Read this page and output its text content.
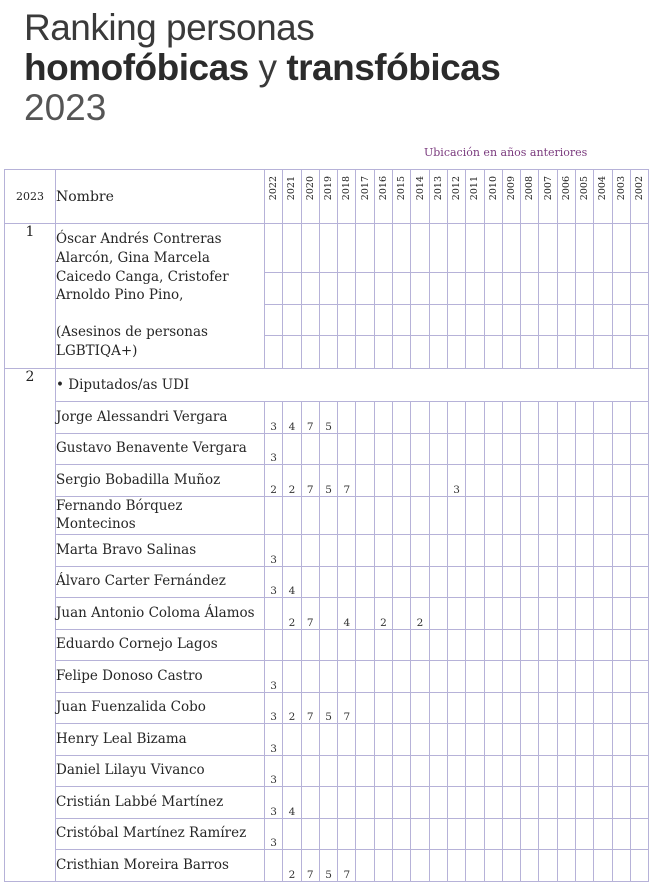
Ranking personas
homofóbicas y transfóbicas
2023
Ubicación en años anteriores
2023	Nombre	2022	2021	2020	2019	2018	2017	2016	2015	2014	2013	2012	2011	2010	2009	2008	2007	2006	2005	2004	2003	2002

1	Óscar Andrés Contreras Alarcón, Gina Marcela Caicedo Canga, Cristofer Arnoldo Pino Pino,
(Asesinos de personas LGBTIQA+)																					

2	• Diputados/as UDI																					
	Jorge Alessandri Vergara	3	4	7	5																	
	Gustavo Benavente Vergara	3																				
	Sergio Bobadilla Muñoz	2	2	7	5	7						3										
	Fernando Bórquez Montecinos																					
	Marta Bravo Salinas	3																				
	Álvaro Carter Fernández	3	4																			
	Juan Antonio Coloma Álamos		2	7		4		2		2												
	Eduardo Cornejo Lagos																					
	Felipe Donoso Castro	3																				
	Juan Fuenzalida Cobo	3	2	7	5	7																
	Henry Leal Bizama	3																				
	Daniel Lilayu Vivanco	3																				
	Cristián Labbé Martínez	3	4																			
	Cristóbal Martínez Ramírez	3																				
	Cristhian Moreira Barros		2	7	5	7																
